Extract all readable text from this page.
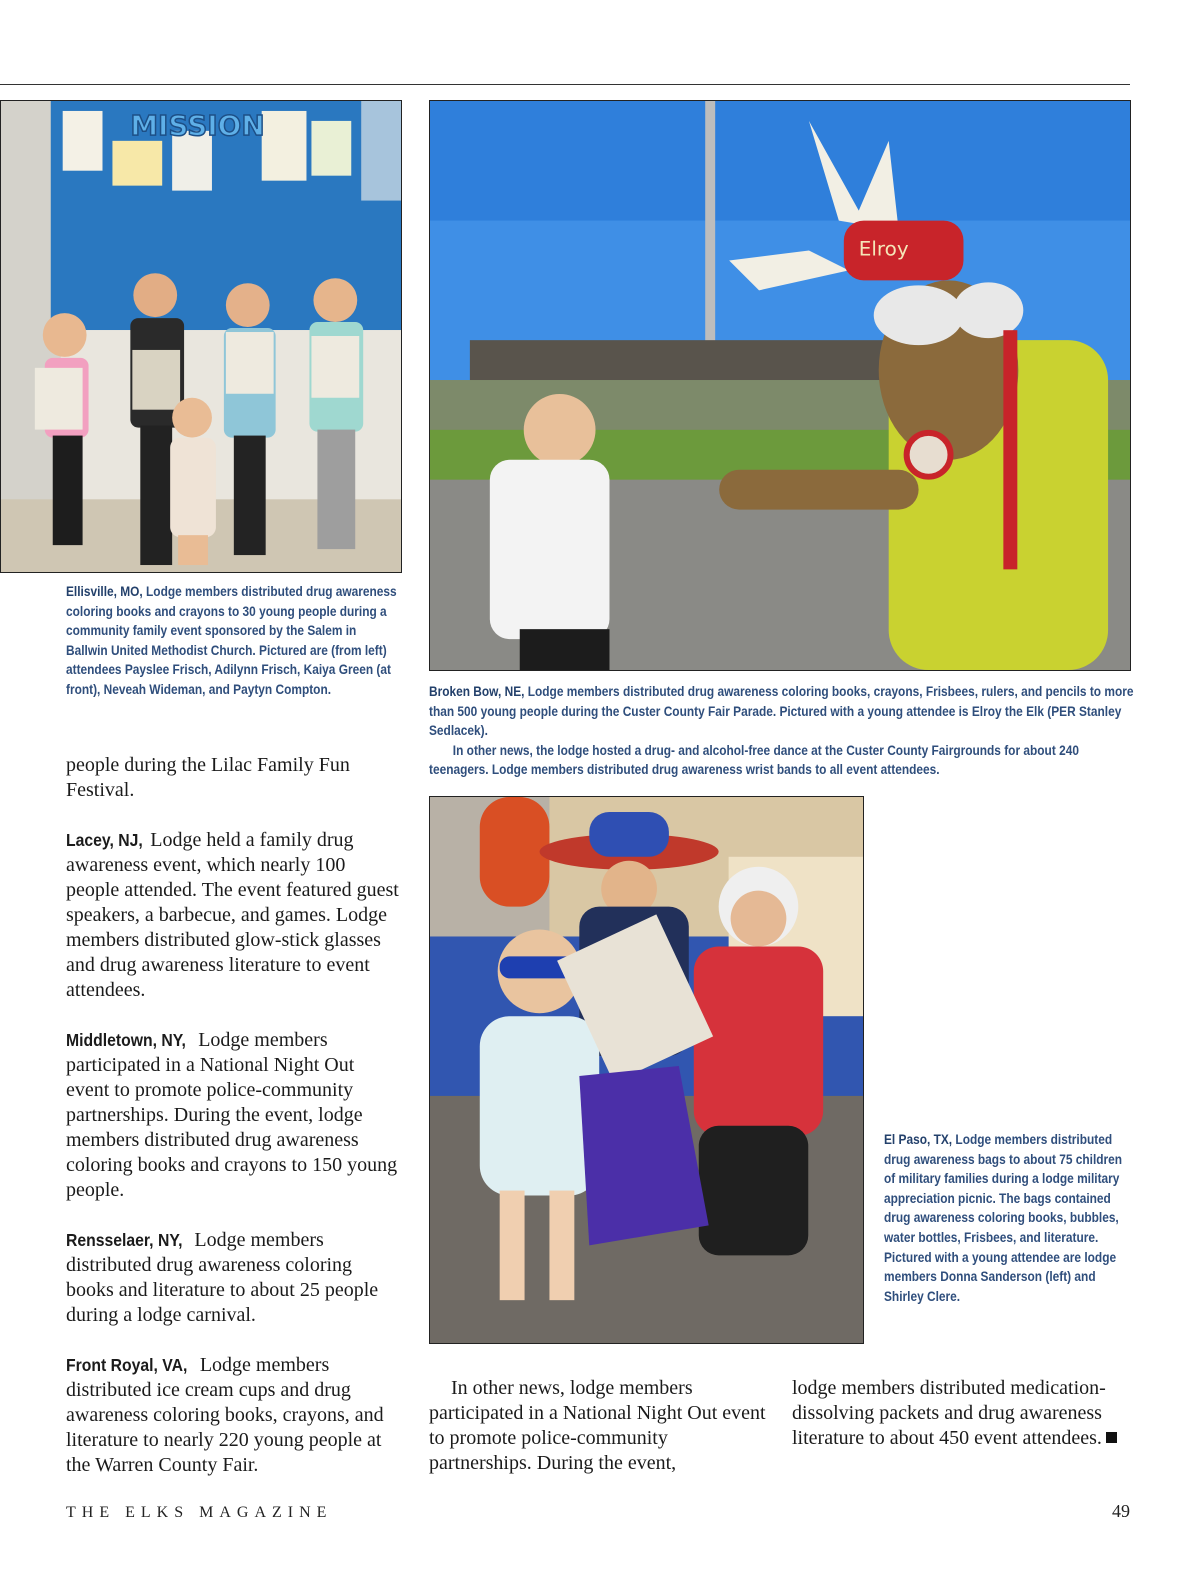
MISSION
Elroy
Ellisville, MO, Lodge members distributed drug awareness coloring books and crayons to 30 young people during a community family event sponsored by the Salem in Ballwin United Methodist Church. Pictured are (from left) attendees Payslee Frisch, Adilynn Frisch, Kaiya Green (at front), Neveah Wideman, and Paytyn Compton.	Broken Bow, NE, Lodge members distributed drug awareness coloring books, crayons, Frisbees, rulers, and pencils to more than 500 young people during the Custer County Fair Parade. Pictured with a young attendee is Elroy the Elk (PER Stanley Sedlacek).
In other news, the lodge hosted a drug- and alcohol-free dance at the Custer County Fairgrounds for about 240 teenagers. Lodge members distributed drug awareness wrist bands to all event attendees.
El Paso, TX, Lodge members distributed drug awareness bags to about 75 children of military families during a lodge military appreciation picnic. The bags contained drug awareness coloring books, bubbles, water bottles, Frisbees, and literature. Pictured with a young attendee are lodge members Donna Sanderson (left) and Shirley Clere.

people during the Lilac Family Fun Festival.

Lacey, NJ, Lodge held a family drug awareness event, which nearly 100 people attended. The event featured guest speakers, a barbecue, and games. Lodge members distributed glow-stick glasses and drug awareness literature to event attendees.

Middletown, NY, Lodge members participated in a National Night Out event to promote police-community partnerships. During the event, lodge members distributed drug awareness coloring books and crayons to 150 young people.

Rensselaer, NY, Lodge members distributed drug awareness coloring books and literature to about 25 people during a lodge carnival.

Front Royal, VA, Lodge members distributed ice cream cups and drug awareness coloring books, crayons, and literature to nearly 220 young people at the Warren County Fair.

In other news, lodge members participated in a National Night Out event to promote police-community partnerships. During the event,

lodge members distributed medication-dissolving packets and drug awareness literature to about 450 event attendees.

THE ELKS MAGAZINE	49
